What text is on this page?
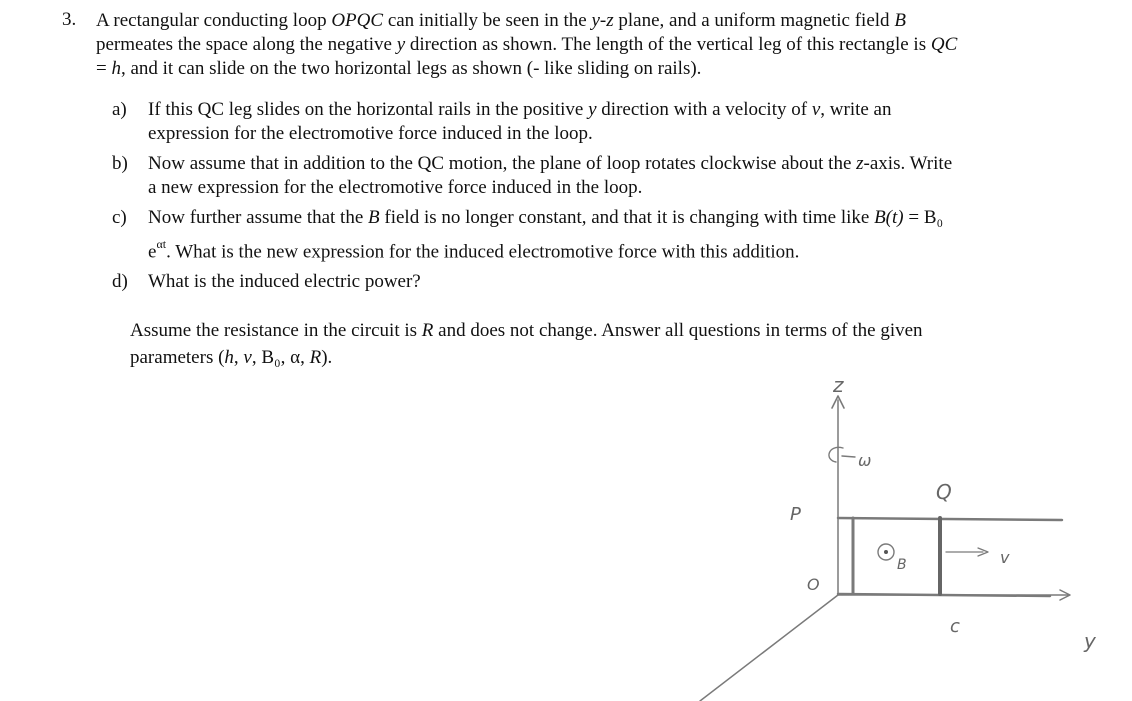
3. A rectangular conducting loop OPQC can initially be seen in the y-z plane, and a uniform magnetic field B
permeates the space along the negative y direction as shown. The length of the vertical leg of this rectangle is QC
= h, and it can slide on the two horizontal legs as shown (- like sliding on rails).
a) If this QC leg slides on the horizontal rails in the positive y direction with a velocity of v, write an
expression for the electromotive force induced in the loop.
b) Now assume that in addition to the QC motion, the plane of loop rotates clockwise about the z-axis. Write
a new expression for the electromotive force induced in the loop.
c) Now further assume that the B field is no longer constant, and that it is changing with time like B(t) = B₀
$e^{\alpha t}$. What is the new expression for the induced electromotive force with this addition.
d) What is the induced electric power?
Assume the resistance in the circuit is R and does not change. Answer all questions in terms of the given
parameters (h, v, B₀, α, R).
z
ω
P
O
Q
c
B	v
y
